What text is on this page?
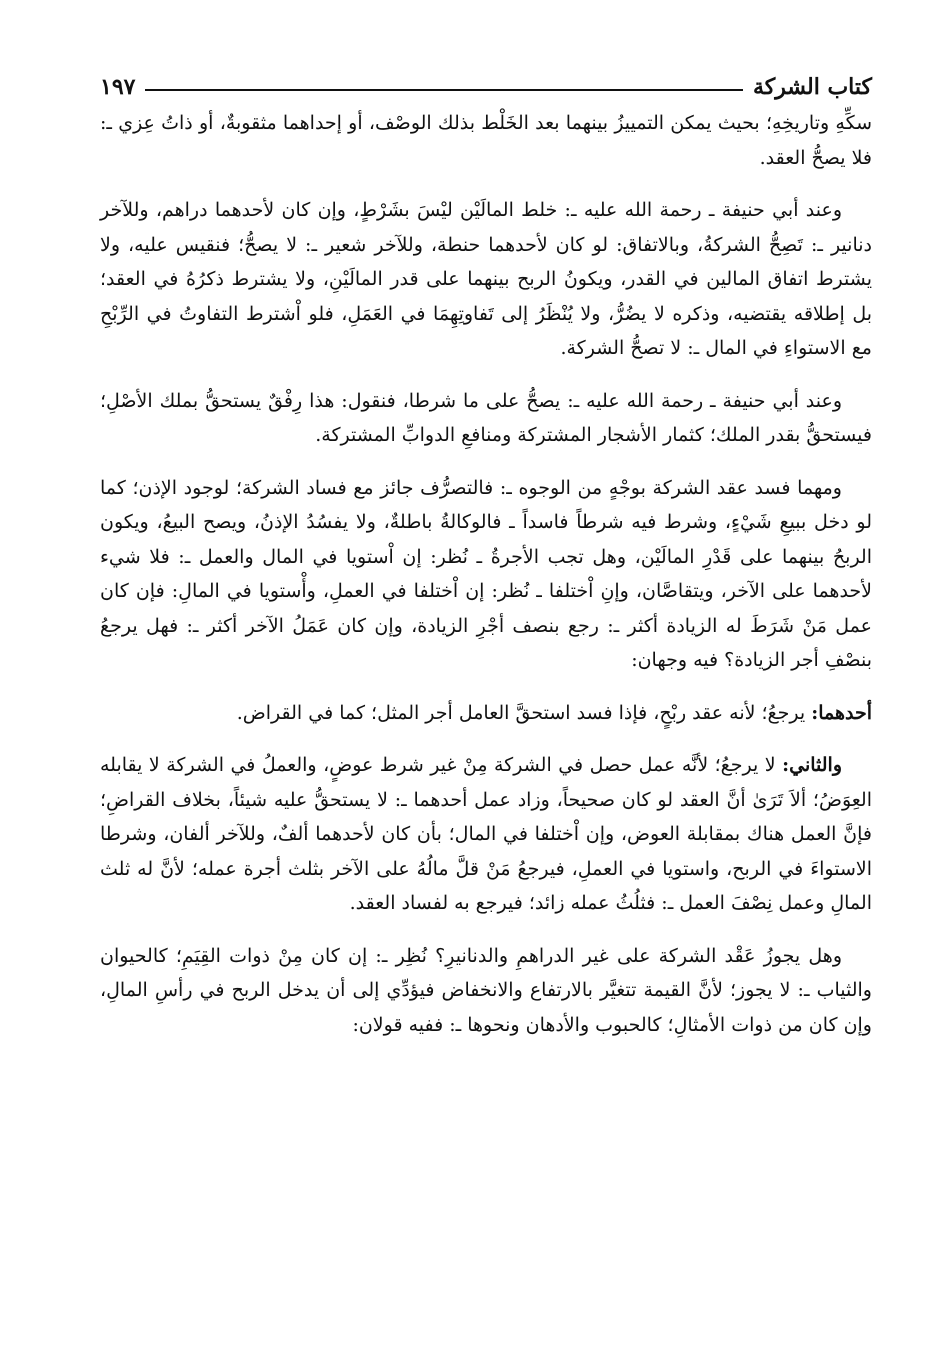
كتاب الشركة
١٩٧

سكِّهِ وتاريخِهِ؛ بحيث يمكن التمييزُ بينهما بعد الخَلْط بذلك الوصْف، أو إحداهما مثقوبةٌ، أو ذاتُ عِزي ـ: فلا يصحُّ العقد.

وعند أبي حنيفة ـ رحمة الله عليه ـ: خلط المالَيْن ليْسَ بشَرْطٍ، وإن كان لأحدهما دراهم، وللآخر دنانير ـ: تَصِحُّ الشركةُ، وبالاتفاق: لو كان لأحدهما حنطة، وللآخر شعير ـ: لا يصحُّ؛ فنقيس عليه، ولا يشترط اتفاق المالين في القدر، ويكونُ الربح بينهما على قدر المالَيْنِ، ولا يشترط ذكرُهُ في العقد؛ بل إطلاقه يقتضيه، وذكره لا يضُرُّ، ولا يُنْظَرُ إلى تَفاوتِهِمَا في العَمَلِ، فلو اْشترط التفاوتُ في الرِّبْحِ مع الاستواءِ في المال ـ: لا تصحُّ الشركة.

وعند أبي حنيفة ـ رحمة الله عليه ـ: يصحُّ على ما شرطا، فنقول: هذا رِفْقٌ يستحقُّ بملك الأصْلِ؛ فيستحقُّ بقدر الملك؛ كثمار الأشجار المشتركة ومنافعِ الدوابِّ المشتركة.

ومهما فسد عقد الشركة بوجْهٍ من الوجوه ـ: فالتصرُّف جائز مع فساد الشركة؛ لوجود الإذن؛ كما لو دخل ببيعِ شَيْءٍ، وشرط فيه شرطاً فاسداً ـ فالوكالةُ باطلةٌ، ولا يفسُدُ الإذنُ، ويصح البيعُ، ويكون الربحُ بينهما على قَدْرِ المالَيْن، وهل تجب الأجرةُ ـ نُظر: إن اْستويا في المال والعمل ـ: فلا شيء لأحدهما على الآخر، ويتقاصَّان، وإنِ اْختلفا ـ نُظر: إن اْختلفا في العملِ، وأْستويا في المالِ: فإن كان عمل مَنْ شَرَطَ له الزيادة أكثر ـ: رجع بنصف أجْرِ الزيادة، وإن كان عَمَلُ الآخر أكثر ـ: فهل يرجعُ بنصْفِ أجر الزيادة؟ فيه وجهان:

أحدهما: يرجعُ؛ لأنه عقد ربْحٍ، فإذا فسد استحقَّ العامل أجر المثل؛ كما في القراض.

والثاني: لا يرجعُ؛ لأنَّه عمل حصل في الشركة مِنْ غير شرط عوضٍ، والعملُ في الشركة لا يقابله العِوَضُ؛ ألاَ تَرَىٰ أنَّ العقد لو كان صحيحاً، وزاد عمل أحدهما ـ: لا يستحقُّ عليه شيئاً، بخلاف القراضِ؛ فإنَّ العمل هناك بمقابلة العوض، وإن اْختلفا في المال؛ بأن كان لأحدهما ألفٌ، وللآخر ألفان، وشرطا الاستواءَ في الربح، واستويا في العملِ، فيرجعُ مَنْ قلَّ مالُهُ على الآخر بثلث أجرة عمله؛ لأنَّ له ثلث المالِ وعمل نِصْفَ العمل ـ: فثلُثُ عمله زائد؛ فيرجع به لفساد العقد.

وهل يجوزُ عَقْد الشركة على غير الدراهمِ والدنانيرِ؟ نُظِر ـ: إن كان مِنْ ذوات القِيَمِ؛ كالحيوان والثياب ـ: لا يجوز؛ لأنَّ القيمة تتغيَّر بالارتفاع والانخفاض فيؤدِّي إلى أن يدخل الربح في رأسِ المالِ، وإن كان من ذوات الأمثالِ؛ كالحبوب والأدهان ونحوها ـ: ففيه قولان:
